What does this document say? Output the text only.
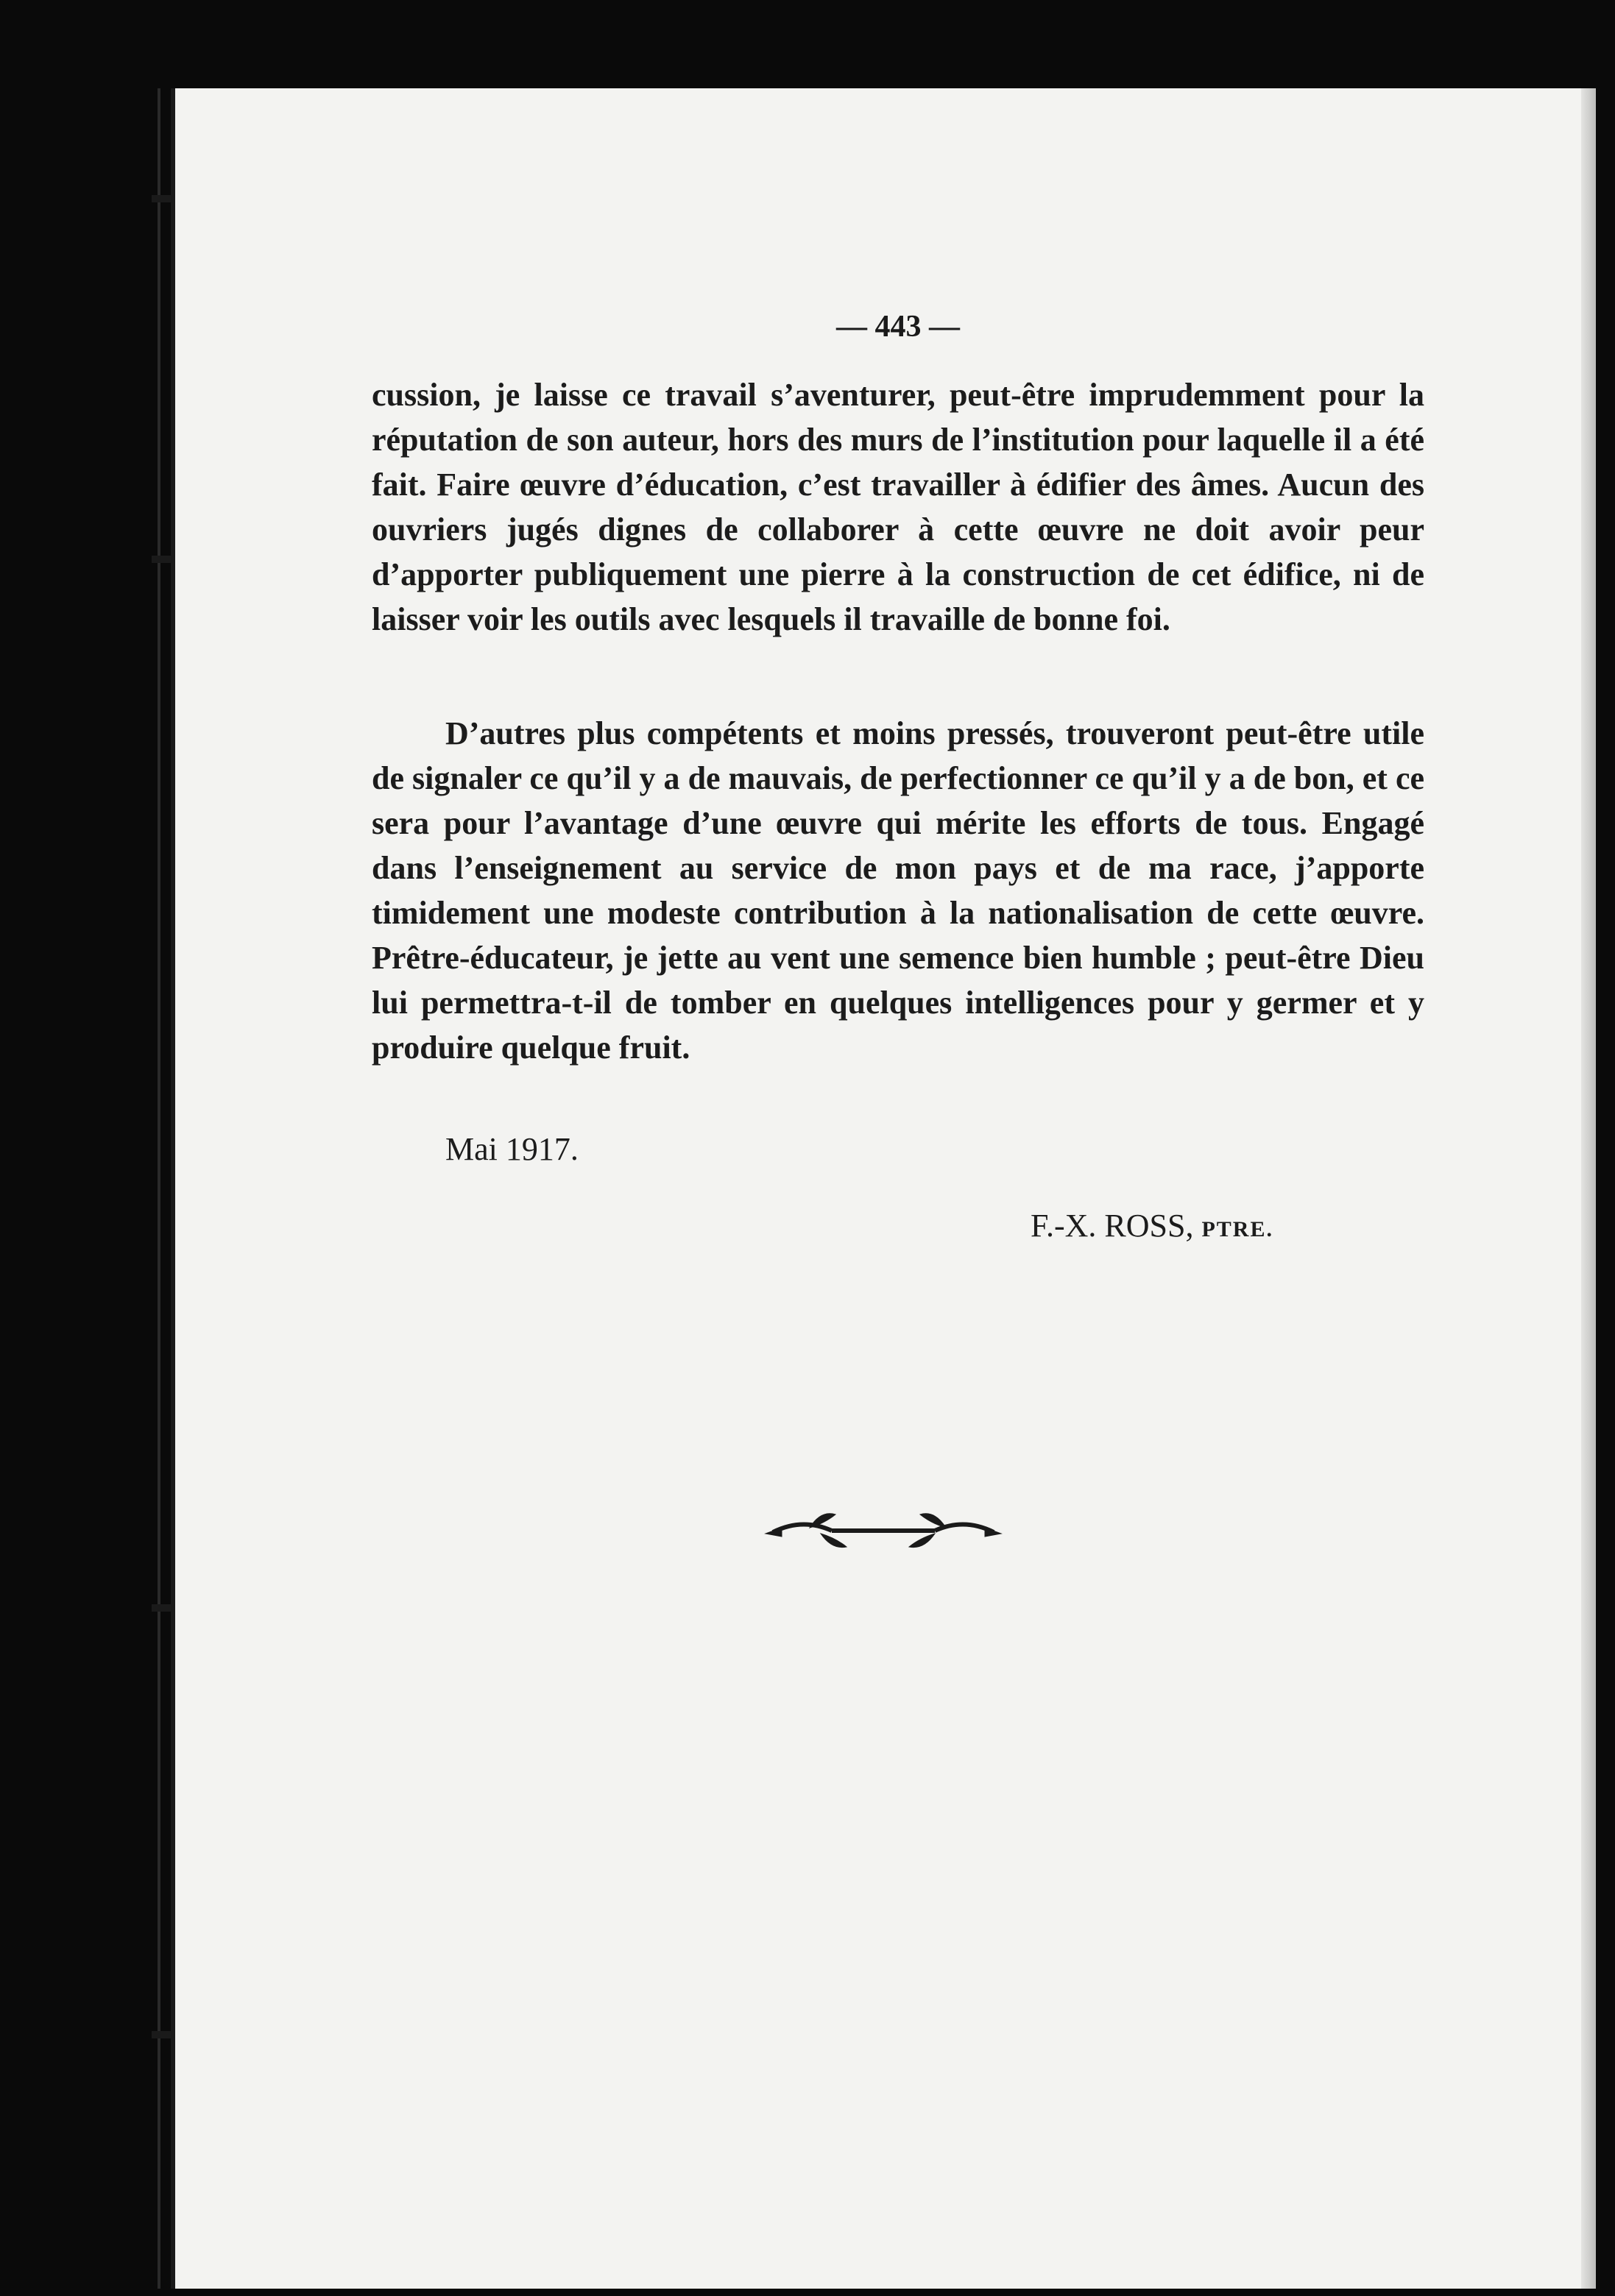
— 443 —

cussion, je laisse ce travail s’aventurer, peut-être imprudemment pour la réputation de son auteur, hors des murs de l’institution pour laquelle il a été fait. Faire œuvre d’éducation, c’est travailler à édifier des âmes. Aucun des ouvriers jugés dignes de collaborer à cette œuvre ne doit avoir peur d’apporter publiquement une pierre à la construction de cet édifice, ni de laisser voir les outils avec lesquels il travaille de bonne foi.

D’autres plus compétents et moins pressés, trouveront peut-être utile de signaler ce qu’il y a de mauvais, de perfectionner ce qu’il y a de bon, et ce sera pour l’avantage d’une œuvre qui mérite les efforts de tous. Engagé dans l’enseignement au service de mon pays et de ma race, j’apporte timidement une modeste contribution à la nationalisation de cette œuvre. Prêtre-éducateur, je jette au vent une semence bien humble ; peut-être Dieu lui permettra-t-il de tomber en quelques intelligences pour y germer et y produire quelque fruit.

Mai 1917.
F.-X. ROSS, PTRE.
